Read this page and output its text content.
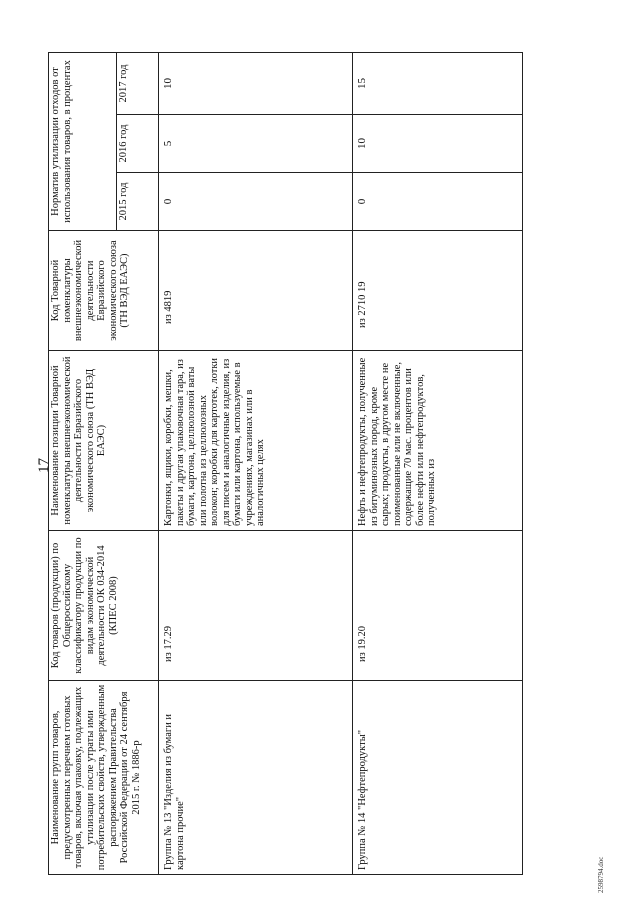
17
Наименование групп товаров, предусмотренных перечнем готовых товаров, включая упаковку, подлежащих утилизации после утраты ими потребительских свойств, утвержденным распоряжением Правительства Российской Федерации от 24 сентября 2015 г. № 1886-р	Код товаров (продукции) по Общероссийскому классификатору продукции по видам экономической деятельности ОК 034-2014 (КПЕС 2008)	Наименование позиции Товарной номенклатуры внешнеэкономической деятельности Евразийского экономического союза (ТН ВЭД ЕАЭС)	Код Товарной номенклатуры внешнеэкономической деятельности Евразийского экономического союза (ТН ВЭД ЕАЭС)	Норматив утилизации отходов от использования товаров, в процентах		
				2015 год	2016 год	2017 год
Группа № 13 "Изделия из бумаги и картона прочие"	из 17.29	Картонки, ящики, коробки, мешки, пакеты и другая упаковочная тара, из бумаги, картона, целлюлозной ваты или полотна из целлюлозных волокон; коробки для картотек, лотки для писем и аналогичные изделия, из бумаги или картона, используемые в учреждениях, магазинах или в аналогичных целях	из 4819	0	5	10
Группа № 14 "Нефтепродукты"	из 19.20	Нефть и нефтепродукты, полученные из битуминозных пород, кроме сырых; продукты, в другом месте не поименованные или не включенные, содержащие 70 мас. процентов или более нефти или нефтепродуктов, полученных из	из 2710 19	0	10	15
2598794.doc
